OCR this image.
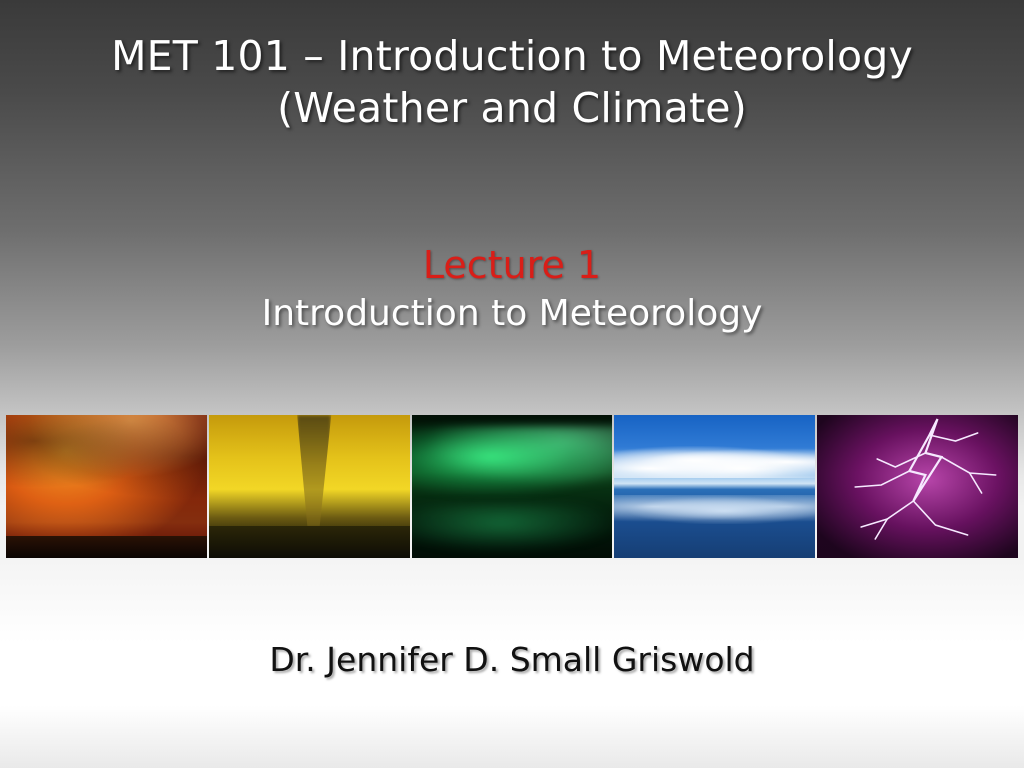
MET 101 – Introduction to Meteorology
(Weather and Climate)
Lecture 1
Introduction to Meteorology
Dr. Jennifer D. Small Griswold
